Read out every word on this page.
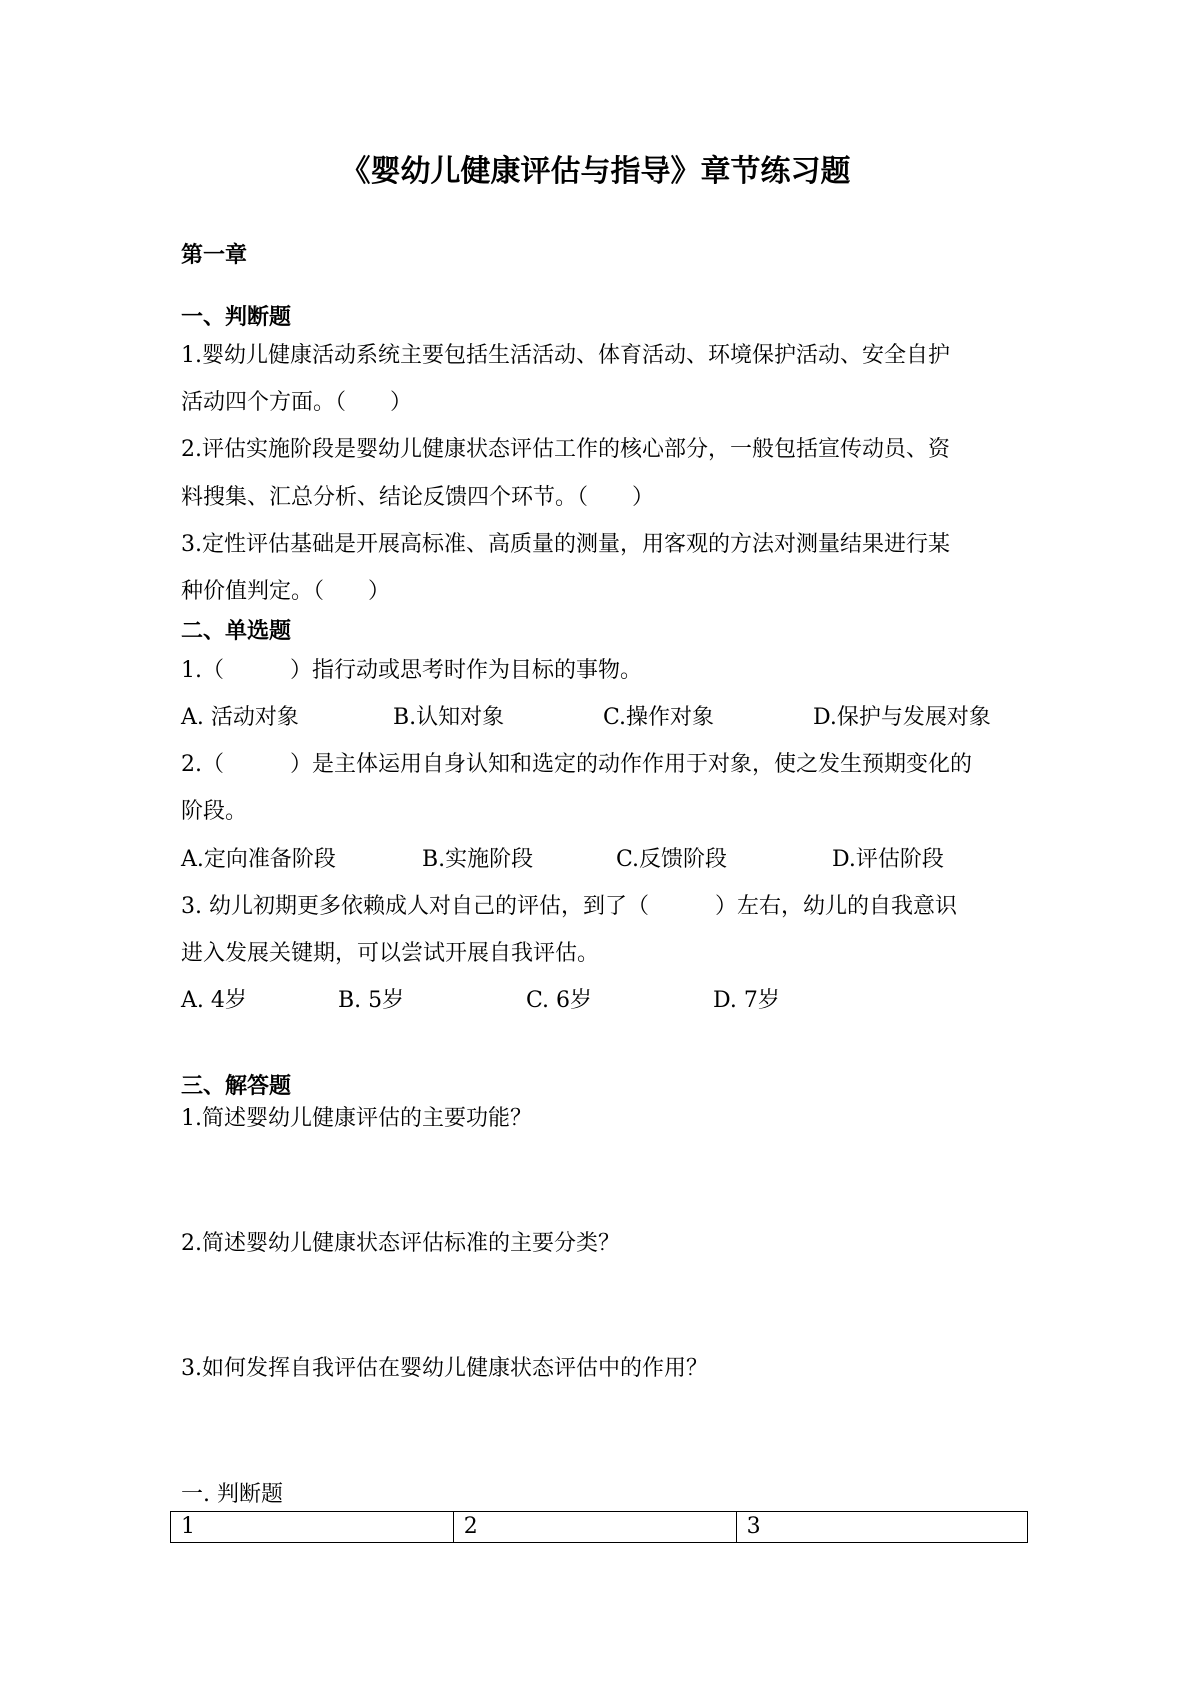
《婴幼儿健康评估与指导》章节练习题
第一章
一、判断题
1.婴幼儿健康活动系统主要包括生活活动、体育活动、环境保护活动、安全自护
活动四个方面。（　　）
2.评估实施阶段是婴幼儿健康状态评估工作的核心部分，一般包括宣传动员、资
料搜集、汇总分析、结论反馈四个环节。（　　）
3.定性评估基础是开展高标准、高质量的测量，用客观的方法对测量结果进行某
种价值判定。（　　）
二、单选题
1.（　　　）指行动或思考时作为目标的事物。
A. 活动对象	B.认知对象	C.操作对象	D.保护与发展对象
2.（　　　）是主体运用自身认知和选定的动作作用于对象，使之发生预期变化的
阶段。
A.定向准备阶段	B.实施阶段	C.反馈阶段	D.评估阶段
3. 幼儿初期更多依赖成人对自己的评估，到了（　　　）左右，幼儿的自我意识
进入发展关键期，可以尝试开展自我评估。
A. 4岁	B. 5岁	C. 6岁	D. 7岁
三、解答题
1.简述婴幼儿健康评估的主要功能？
2.简述婴幼儿健康状态评估标准的主要分类？
3.如何发挥自我评估在婴幼儿健康状态评估中的作用？
一. 判断题
1	2	3
